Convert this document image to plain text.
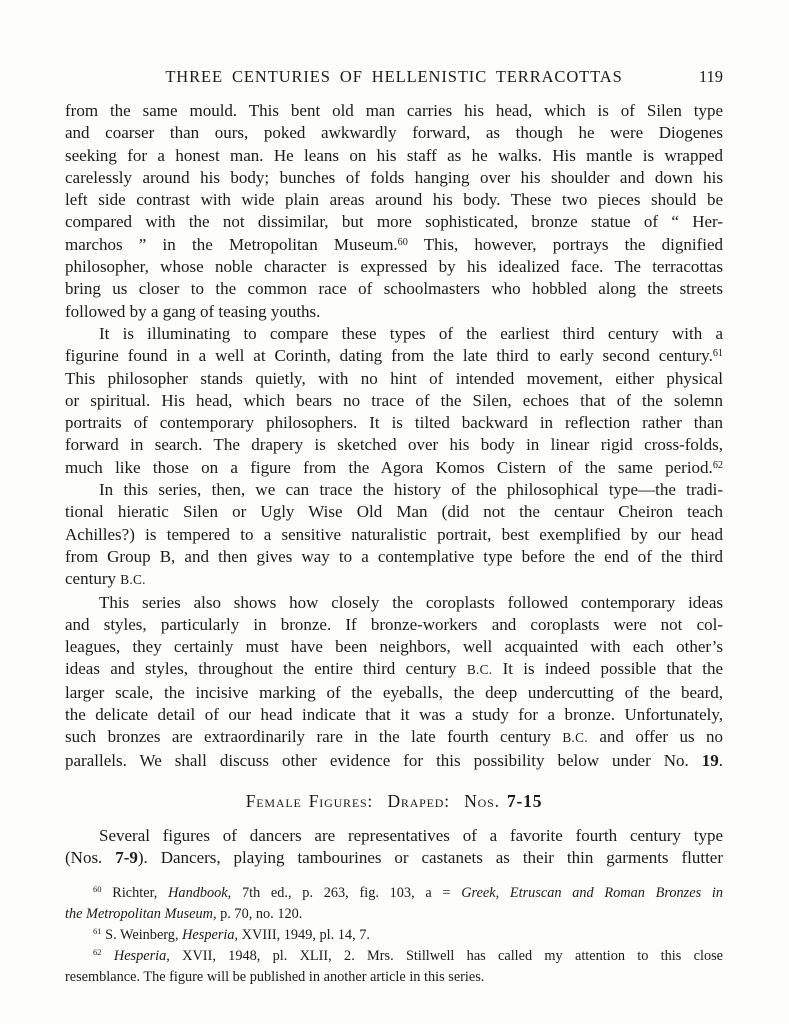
THREE CENTURIES OF HELLENISTIC TERRACOTTAS	119
from the same mould. This bent old man carries his head, which is of Silen type
and coarser than ours, poked awkwardly forward, as though he were Diogenes
seeking for a honest man. He leans on his staff as he walks. His mantle is wrapped
carelessly around his body; bunches of folds hanging over his shoulder and down his
left side contrast with wide plain areas around his body. These two pieces should be
compared with the not dissimilar, but more sophisticated, bronze statue of “ Her-
marchos ” in the Metropolitan Museum.$^{60}$ This, however, portrays the dignified
philosopher, whose noble character is expressed by his idealized face. The terracottas
bring us closer to the common race of schoolmasters who hobbled along the streets
followed by a gang of teasing youths.
It is illuminating to compare these types of the earliest third century with a
figurine found in a well at Corinth, dating from the late third to early second century.$^{61}$
This philosopher stands quietly, with no hint of intended movement, either physical
or spiritual. His head, which bears no trace of the Silen, echoes that of the solemn
portraits of contemporary philosophers. It is tilted backward in reflection rather than
forward in search. The drapery is sketched over his body in linear rigid cross-folds,
much like those on a figure from the Agora Komos Cistern of the same period.$^{62}$
In this series, then, we can trace the history of the philosophical type—the tradi-
tional hieratic Silen or Ugly Wise Old Man (did not the centaur Cheiron teach
Achilles?) is tempered to a sensitive naturalistic portrait, best exemplified by our head
from Group B, and then gives way to a contemplative type before the end of the third
century B.C.
This series also shows how closely the coroplasts followed contemporary ideas
and styles, particularly in bronze. If bronze-workers and coroplasts were not col-
leagues, they certainly must have been neighbors, well acquainted with each other’s
ideas and styles, throughout the entire third century B.C. It is indeed possible that the
larger scale, the incisive marking of the eyeballs, the deep undercutting of the beard,
the delicate detail of our head indicate that it was a study for a bronze. Unfortunately,
such bronzes are extraordinarily rare in the late fourth century B.C. and offer us no
parallels. We shall discuss other evidence for this possibility below under No. 19.
Female Figures:  Draped:  Nos. 7-15
Several figures of dancers are representatives of a favorite fourth century type
(Nos. 7-9). Dancers, playing tambourines or castanets as their thin garments flutter
$^{60}$ Richter, Handbook, 7th ed., p. 263, fig. 103, a = Greek, Etruscan and Roman Bronzes in
the Metropolitan Museum, p. 70, no. 120.
$^{61}$ S. Weinberg, Hesperia, XVIII, 1949, pl. 14, 7.
$^{62}$ Hesperia, XVII, 1948, pl. XLII, 2. Mrs. Stillwell has called my attention to this close
resemblance. The figure will be published in another article in this series.
